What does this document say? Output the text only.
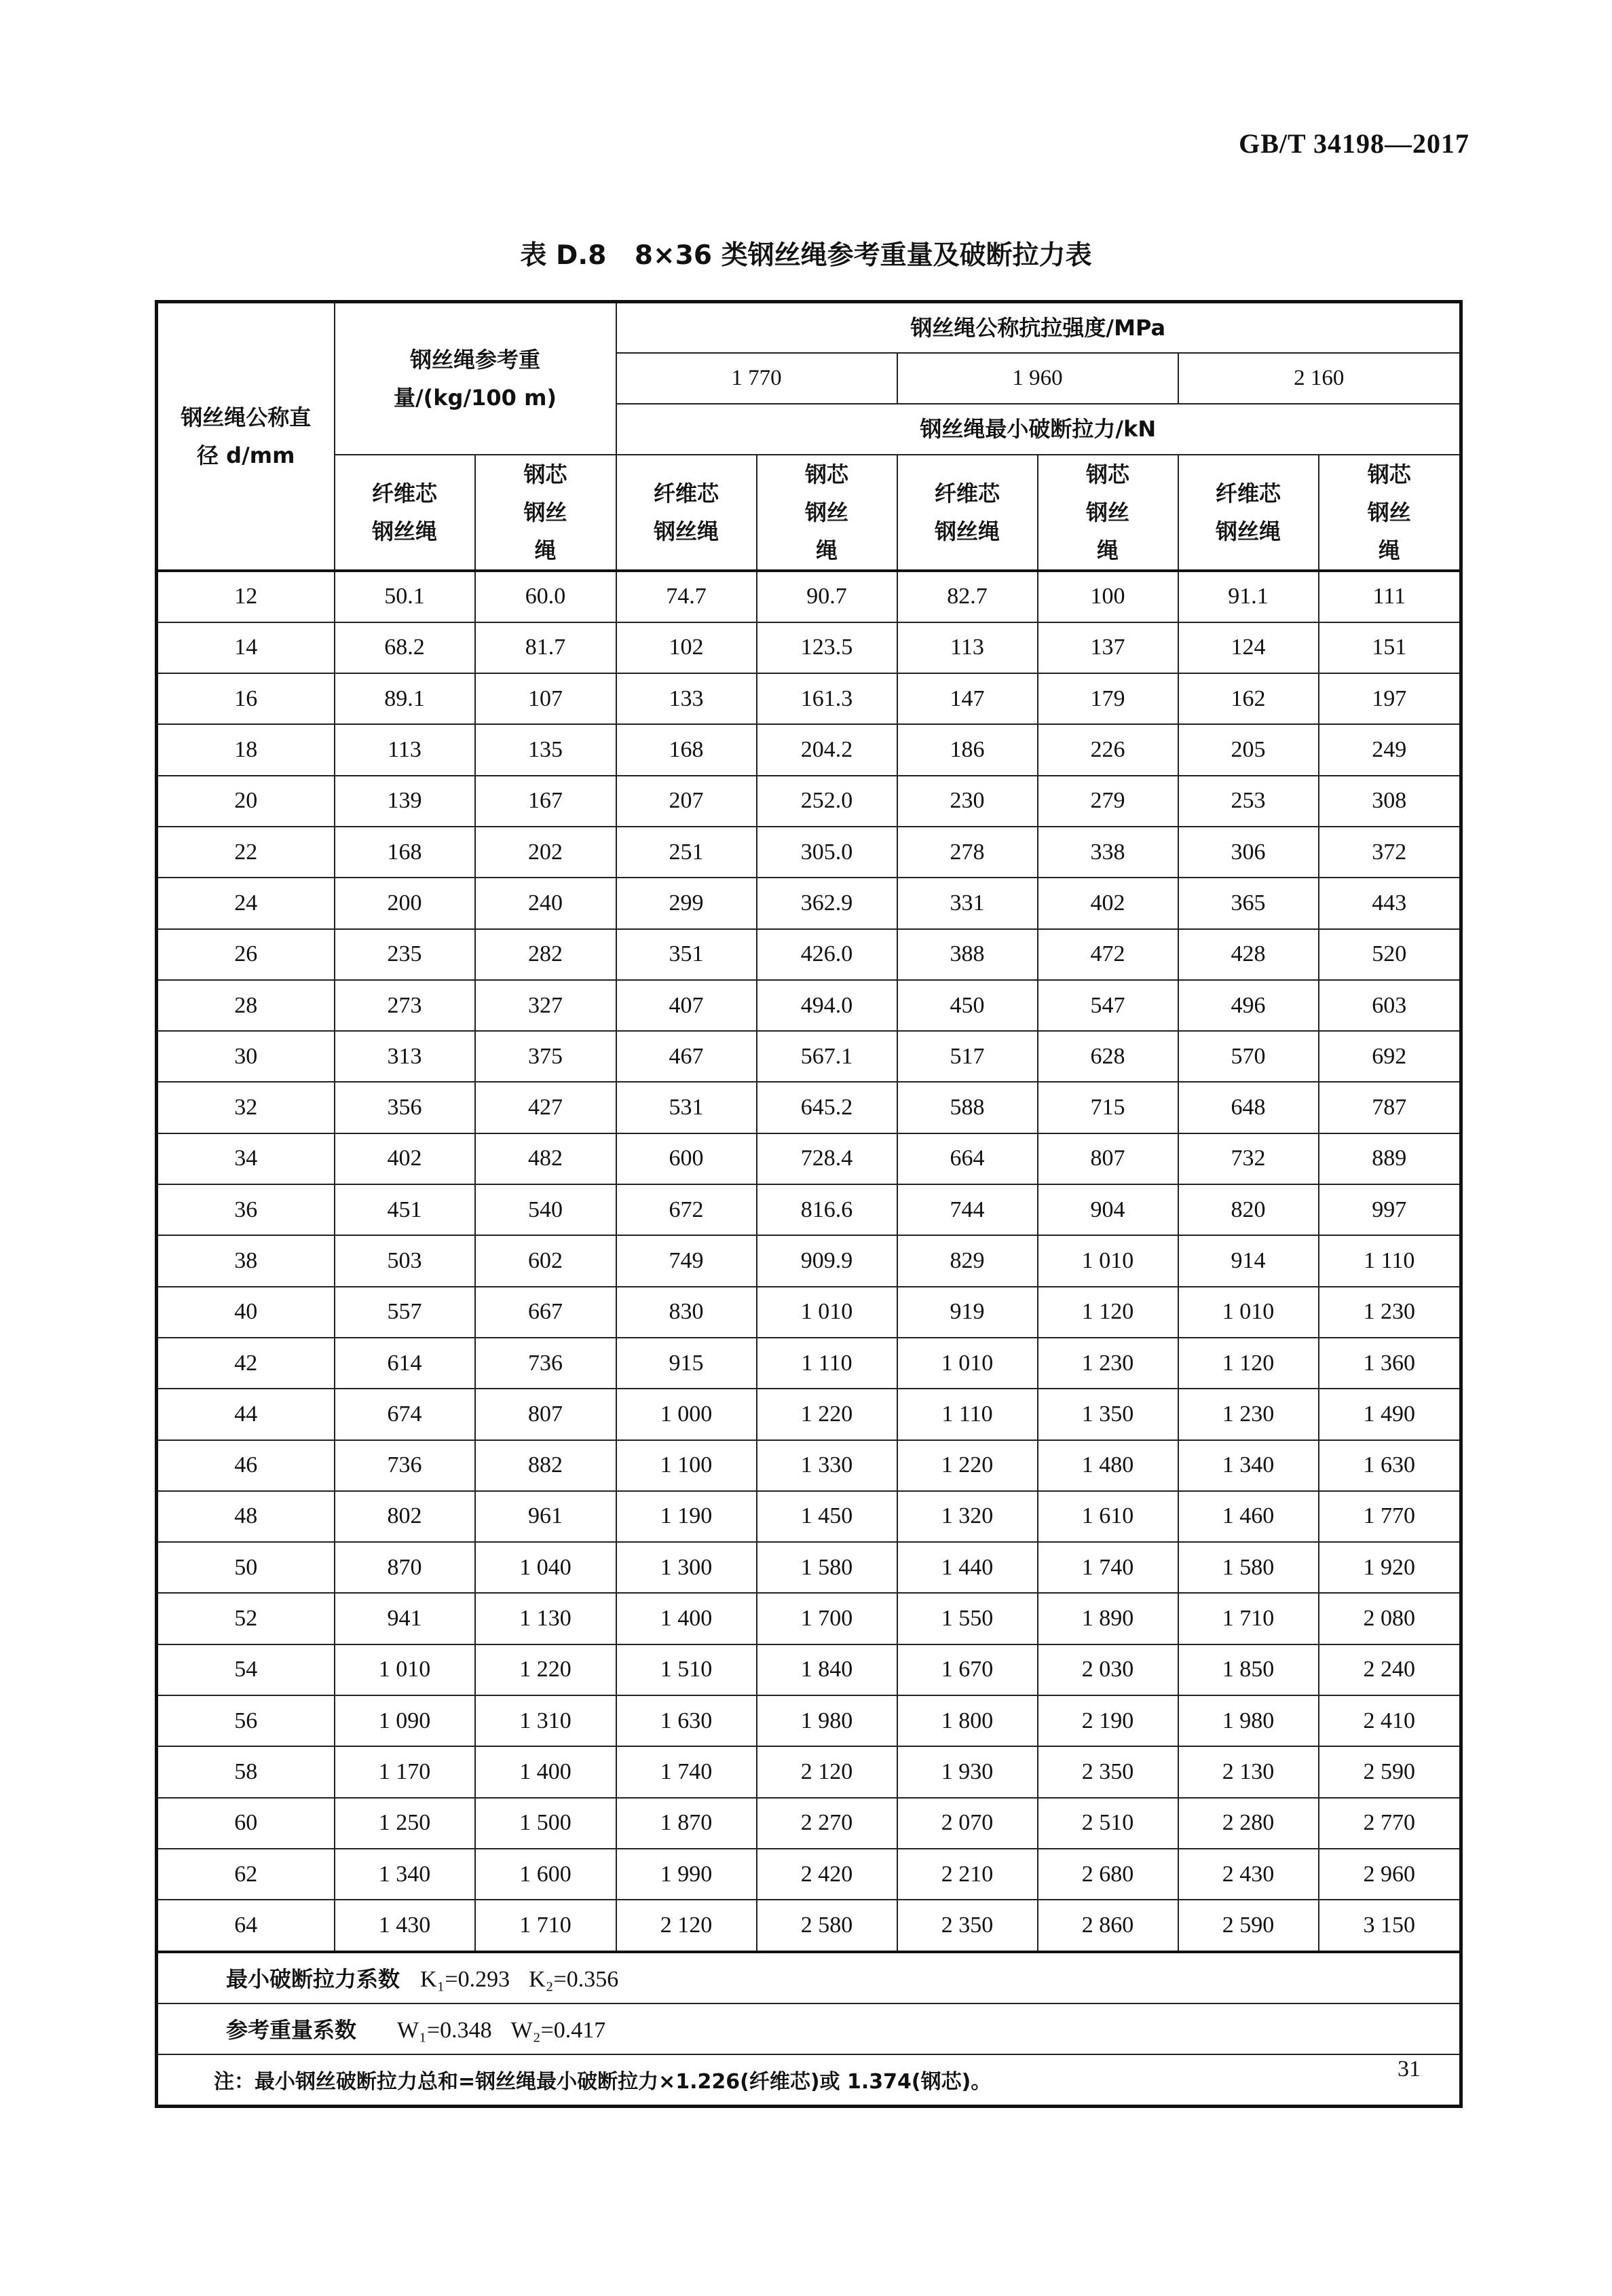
GB/T 34198—2017
表 D.8 8×36 类钢丝绳参考重量及破断拉力表
钢丝绳公称直径 d/mm	钢丝绳参考重量/(kg/100 m)		钢丝绳公称抗拉强度/MPa					
			1 770		1 960		2 160	
			钢丝绳最小破断拉力/kN					
	纤维芯钢丝绳	钢芯钢丝绳	纤维芯钢丝绳	钢芯钢丝绳	纤维芯钢丝绳	钢芯钢丝绳	纤维芯钢丝绳	钢芯钢丝绳
12	50.1	60.0	74.7	90.7	82.7	100	91.1	111
14	68.2	81.7	102	123.5	113	137	124	151
16	89.1	107	133	161.3	147	179	162	197
18	113	135	168	204.2	186	226	205	249
20	139	167	207	252.0	230	279	253	308
22	168	202	251	305.0	278	338	306	372
24	200	240	299	362.9	331	402	365	443
26	235	282	351	426.0	388	472	428	520
28	273	327	407	494.0	450	547	496	603
30	313	375	467	567.1	517	628	570	692
32	356	427	531	645.2	588	715	648	787
34	402	482	600	728.4	664	807	732	889
36	451	540	672	816.6	744	904	820	997
38	503	602	749	909.9	829	1 010	914	1 110
40	557	667	830	1 010	919	1 120	1 010	1 230
42	614	736	915	1 110	1 010	1 230	1 120	1 360
44	674	807	1 000	1 220	1 110	1 350	1 230	1 490
46	736	882	1 100	1 330	1 220	1 480	1 340	1 630
48	802	961	1 190	1 450	1 320	1 610	1 460	1 770
50	870	1 040	1 300	1 580	1 440	1 740	1 580	1 920
52	941	1 130	1 400	1 700	1 550	1 890	1 710	2 080
54	1 010	1 220	1 510	1 840	1 670	2 030	1 850	2 240
56	1 090	1 310	1 630	1 980	1 800	2 190	1 980	2 410
58	1 170	1 400	1 740	2 120	1 930	2 350	2 130	2 590
60	1 250	1 500	1 870	2 270	2 070	2 510	2 280	2 770
62	1 340	1 600	1 990	2 420	2 210	2 680	2 430	2 960
64	1 430	1 710	2 120	2 580	2 350	2 860	2 590	3 150
最小破断拉力系数 K₁=0.293 K₂=0.356								
参考重量系数 W₁=0.348 W₂=0.417								
注：最小钢丝破断拉力总和=钢丝绳最小破断拉力×1.226(纤维芯)或 1.374(钢芯)。								
31
